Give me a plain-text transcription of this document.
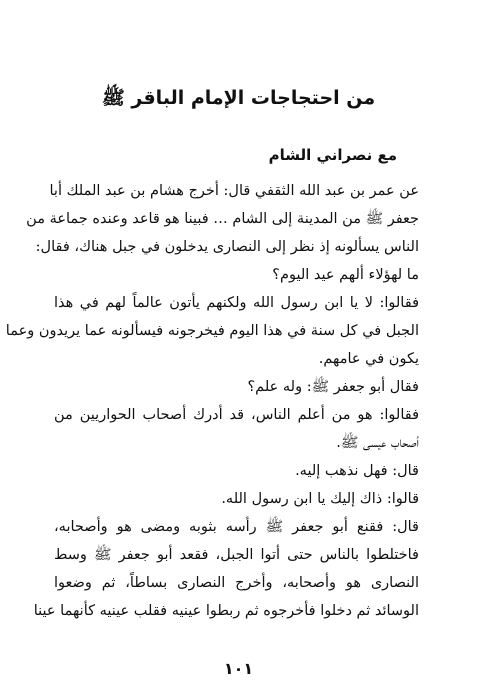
من احتجاجات الإمام الباقر ﷺ
مع نصراني الشام
عن عمر بن عبد الله الثقفي قال: أخرج هشام بن عبد الملك أبا
جعفر ﷺ من المدينة إلى الشام … فبينا هو قاعد وعنده جماعة من
الناس يسألونه إذ نظر إلى النصارى يدخلون في جبل هناك، فقال:
ما لهؤلاء ألهم عيد اليوم؟
فقالوا: لا يا ابن رسول الله ولكنهم يأتون عالماً لهم في هذا
الجبل في كل سنة في هذا اليوم فيخرجونه فيسألونه عما يريدون وعما
يكون في عامهم.
فقال أبو جعفر ﷺ: وله علم؟
فقالوا: هو من أعلم الناس، قد أدرك أصحاب الحواريين من
أصحاب عيسى ﷺ.
قال: فهل نذهب إليه.
قالوا: ذاك إليك يا ابن رسول الله.
قال: فقنع أبو جعفر ﷺ رأسه بثوبه ومضى هو وأصحابه،
فاختلطوا بالناس حتى أتوا الجبل، فقعد أبو جعفر ﷺ وسط
النصارى هو وأصحابه، وأخرج النصارى بساطاً، ثم وضعوا
الوسائد ثم دخلوا فأخرجوه ثم ربطوا عينيه فقلب عينيه كأنهما عينا
١٠١
